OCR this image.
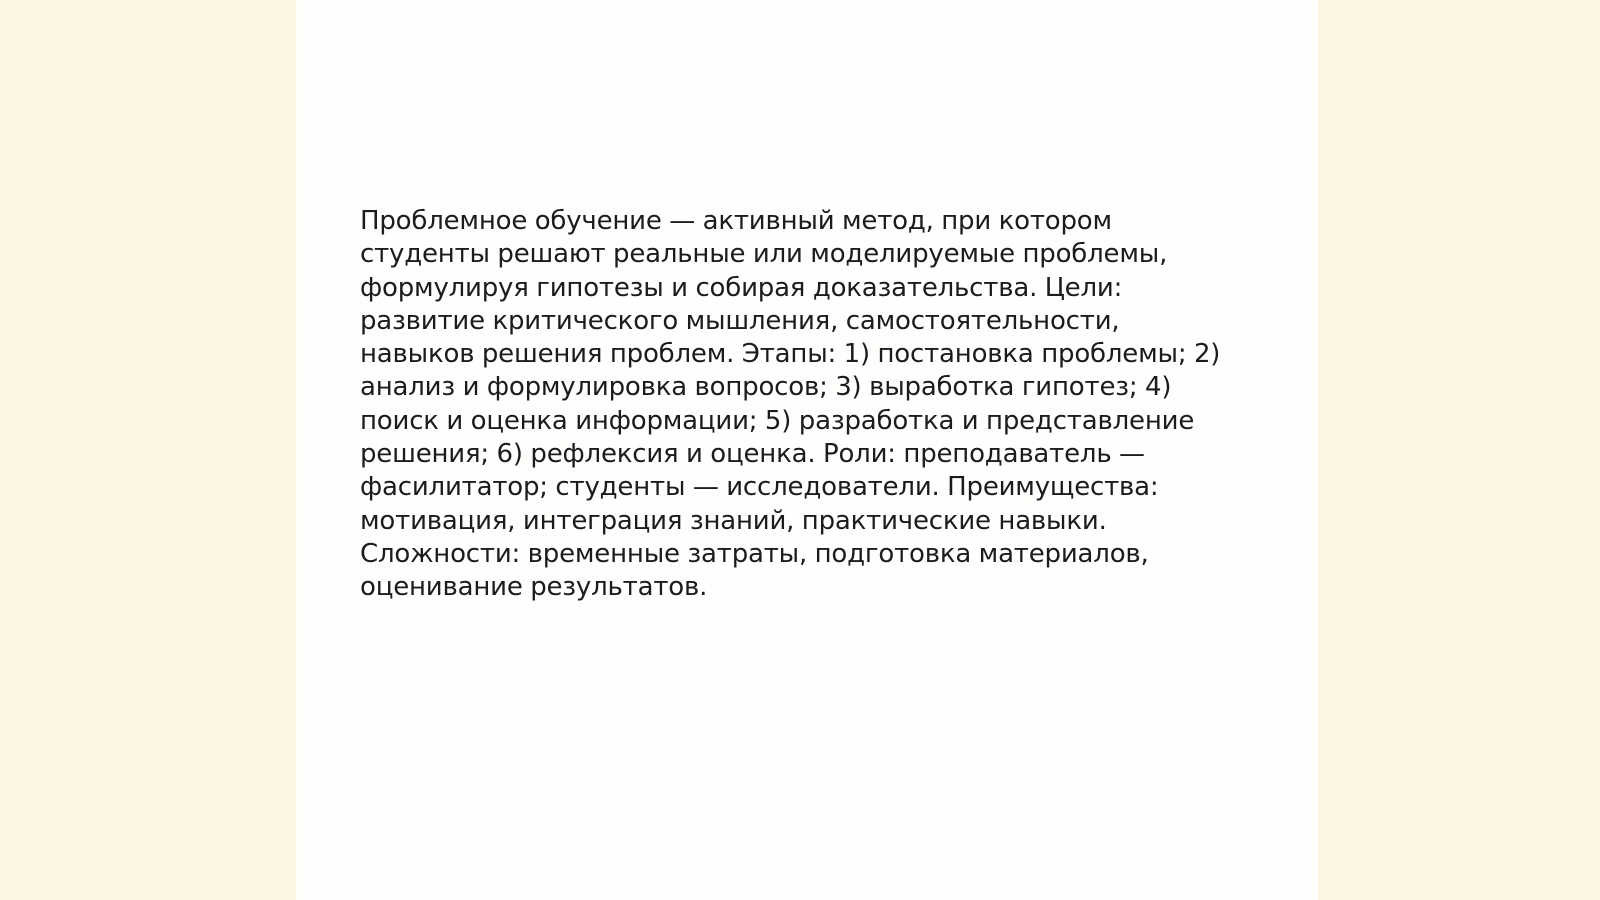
Проблемное обучение — активный метод, при котором студенты решают реальные или моделируемые проблемы, формулируя гипотезы и собирая доказательства. Цели: развитие критического мышления, самостоятельности, навыков решения проблем. Этапы: 1) постановка проблемы; 2) анализ и формулировка вопросов; 3) выработка гипотез; 4) поиск и оценка информации; 5) разработка и представление решения; 6) рефлексия и оценка. Роли: преподаватель — фасилитатор; студенты — исследователи. Преимущества: мотивация, интеграция знаний, практические навыки. Сложности: временные затраты, подготовка материалов, оценивание результатов.
